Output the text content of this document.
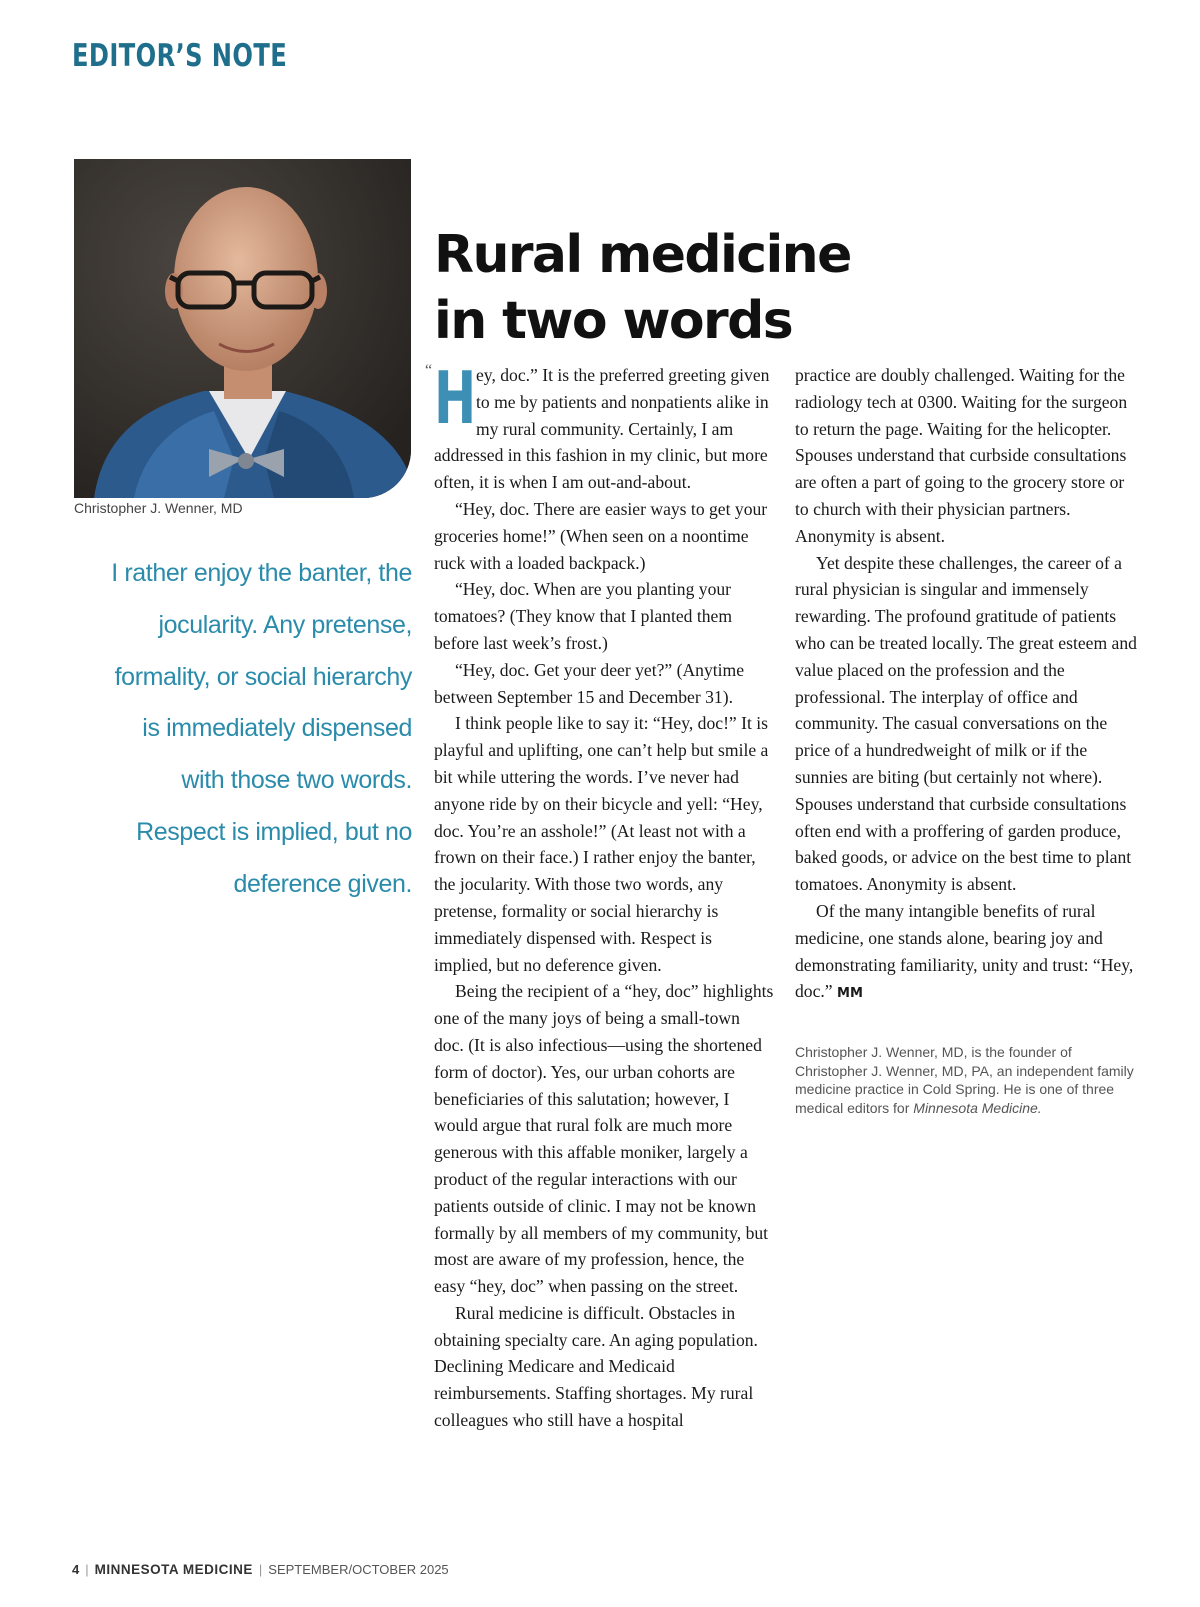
EDITOR’S NOTE
Christopher J. Wenner, MD
I rather enjoy the banter, the jocularity. Any pretense, formality, or social hierarchy is immediately dispensed with those two words. Respect is implied, but no deference given.
Rural medicine
in two words
“ H ey, doc.” It is the preferred greeting given to me by patients and nonpatients alike in my rural community. Certainly, I am addressed in this fashion in my clinic, but more often, it is when I am out-and-about.

“Hey, doc. There are easier ways to get your groceries home!” (When seen on a noontime ruck with a loaded backpack.)

“Hey, doc. When are you planting your tomatoes? (They know that I planted them before last week’s frost.)

“Hey, doc. Get your deer yet?” (Anytime between September 15 and December 31).

I think people like to say it: “Hey, doc!” It is playful and uplifting, one can’t help but smile a bit while uttering the words. I’ve never had anyone ride by on their bicycle and yell: “Hey, doc. You’re an asshole!” (At least not with a frown on their face.) I rather enjoy the banter, the jocularity. With those two words, any pretense, formality or social hierarchy is immediately dispensed with. Respect is implied, but no deference given.

Being the recipient of a “hey, doc” highlights one of the many joys of being a small-town doc. (It is also infectious—using the shortened form of doctor). Yes, our urban cohorts are beneficiaries of this salutation; however, I would argue that rural folk are much more generous with this affable moniker, largely a product of the regular interactions with our patients outside of clinic. I may not be known formally by all members of my community, but most are aware of my profession, hence, the easy “hey, doc” when passing on the street.

Rural medicine is difficult. Obstacles in obtaining specialty care. An aging population. Declining Medicare and Medicaid reimbursements. Staffing shortages. My rural colleagues who still have a hospital

practice are doubly challenged. Waiting for the radiology tech at 0300. Waiting for the surgeon to return the page. Waiting for the helicopter. Spouses understand that curbside consultations are often a part of going to the grocery store or to church with their physician partners. Anonymity is absent.

Yet despite these challenges, the career of a rural physician is singular and immensely rewarding. The profound gratitude of patients who can be treated locally. The great esteem and value placed on the profession and the professional. The interplay of office and community. The casual conversations on the price of a hundredweight of milk or if the sunnies are biting (but certainly not where). Spouses understand that curbside consultations often end with a proffering of garden produce, baked goods, or advice on the best time to plant tomatoes. Anonymity is absent.

Of the many intangible benefits of rural medicine, one stands alone, bearing joy and demonstrating familiarity, unity and trust: “Hey, doc.” MM

Christopher J. Wenner, MD, is the founder of Christopher J. Wenner, MD, PA, an independent family medicine practice in Cold Spring. He is one of three medical editors for Minnesota Medicine.
4 | MINNESOTA MEDICINE | SEPTEMBER/OCTOBER 2025
